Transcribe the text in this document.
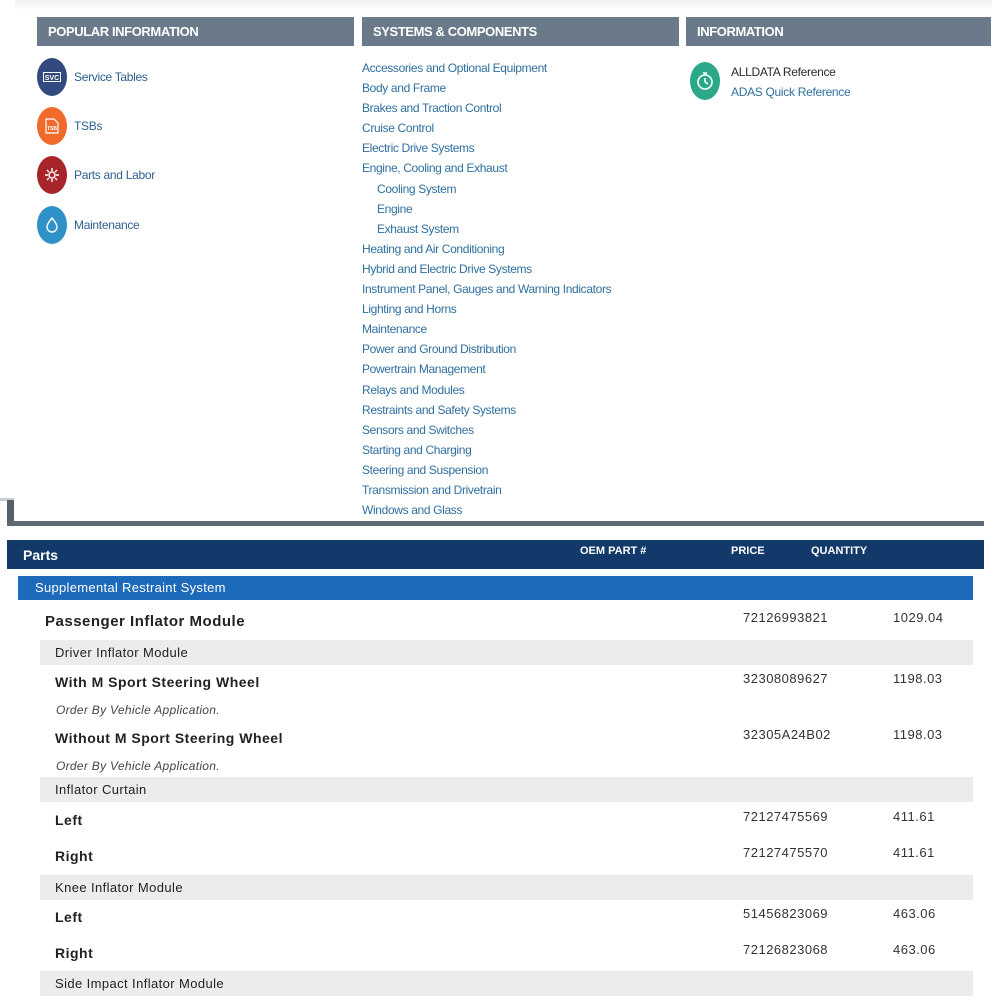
POPULAR INFORMATION	SYSTEMS & COMPONENTS	INFORMATION
SVC Service Tables
TSB TSBs
Parts and Labor
Maintenance
Accessories and Optional Equipment
Body and Frame
Brakes and Traction Control
Cruise Control
Electric Drive Systems
Engine, Cooling and Exhaust
Cooling System
Engine
Exhaust System
Heating and Air Conditioning
Hybrid and Electric Drive Systems
Instrument Panel, Gauges and Warning Indicators
Lighting and Horns
Maintenance
Power and Ground Distribution
Powertrain Management
Relays and Modules
Restraints and Safety Systems
Sensors and Switches
Starting and Charging
Steering and Suspension
Transmission and Drivetrain
Windows and Glass
ALLDATA Reference
ADAS Quick Reference
Parts	OEM PART #	PRICE	QUANTITY
Supplemental Restraint System
Passenger Inflator Module	72126993821	1029.04
Driver Inflator Module
With M Sport Steering Wheel	32308089627	1198.03
Order By Vehicle Application.
Without M Sport Steering Wheel	32305A24B02	1198.03
Order By Vehicle Application.
Inflator Curtain
Left	72127475569	411.61
Right	72127475570	411.61
Knee Inflator Module
Left	51456823069	463.06
Right	72126823068	463.06
Side Impact Inflator Module
